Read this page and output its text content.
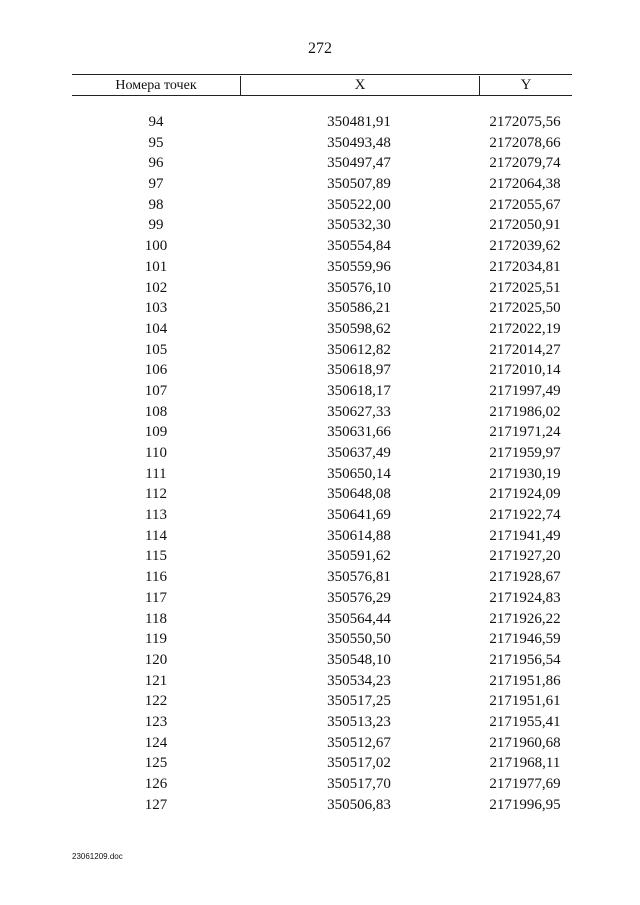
272
Номера точек	X	Y
94	350481,91	2172075,56
95	350493,48	2172078,66
96	350497,47	2172079,74
97	350507,89	2172064,38
98	350522,00	2172055,67
99	350532,30	2172050,91
100	350554,84	2172039,62
101	350559,96	2172034,81
102	350576,10	2172025,51
103	350586,21	2172025,50
104	350598,62	2172022,19
105	350612,82	2172014,27
106	350618,97	2172010,14
107	350618,17	2171997,49
108	350627,33	2171986,02
109	350631,66	2171971,24
110	350637,49	2171959,97
111	350650,14	2171930,19
112	350648,08	2171924,09
113	350641,69	2171922,74
114	350614,88	2171941,49
115	350591,62	2171927,20
116	350576,81	2171928,67
117	350576,29	2171924,83
118	350564,44	2171926,22
119	350550,50	2171946,59
120	350548,10	2171956,54
121	350534,23	2171951,86
122	350517,25	2171951,61
123	350513,23	2171955,41
124	350512,67	2171960,68
125	350517,02	2171968,11
126	350517,70	2171977,69
127	350506,83	2171996,95
23061209.doc
